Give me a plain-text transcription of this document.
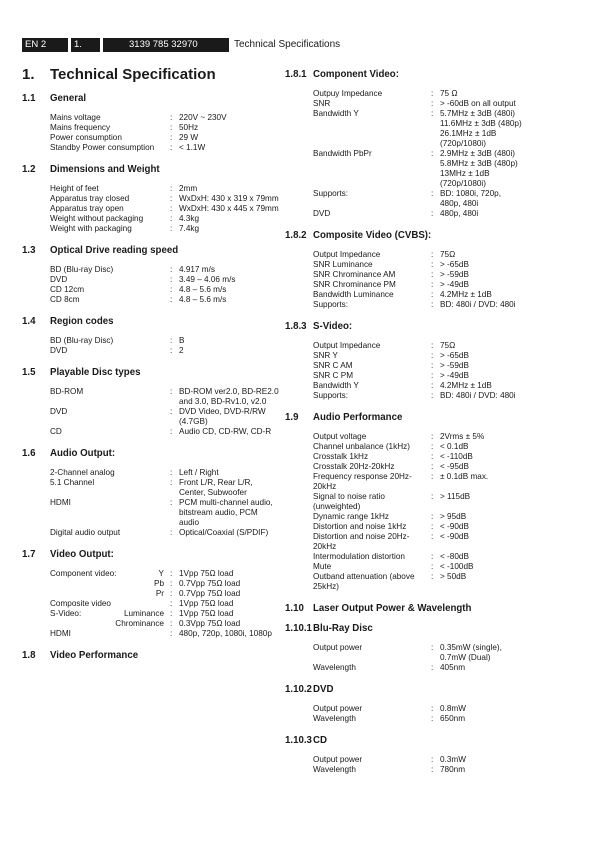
EN 2	1.	3139 785 32970	Technical Specifications
1. Technical Specification
1.1 General
Mains voltage	: 220V ~ 230V
Mains frequency	: 50Hz
Power consumption	: 29 W
Standby Power consumption	: < 1.1W
1.2 Dimensions and Weight
Height of feet	: 2mm
Apparatus tray closed	: WxDxH: 430 x 319 x 79mm
Apparatus tray open	: WxDxH: 430 x 445 x 79mm
Weight without packaging	: 4.3kg
Weight with packaging	: 7.4kg
1.3 Optical Drive reading speed
BD (Blu-ray Disc)	: 4.917 m/s
DVD	: 3.49 – 4.06 m/s
CD 12cm	: 4.8 – 5.6 m/s
CD 8cm	: 4.8 – 5.6 m/s
1.4 Region codes
BD (Blu-ray Disc)	: B
DVD	: 2
1.5 Playable Disc types
BD-ROM	: BD-ROM ver2.0, BD-RE2.0 and 3.0, BD-Rv1.0, v2.0
DVD	: DVD Video, DVD-R/RW (4.7GB)
CD	: Audio CD, CD-RW, CD-R
1.6 Audio Output:
2-Channel analog	: Left / Right
5.1 Channel	: Front L/R, Rear L/R, Center, Subwoofer
HDMI	: PCM multi-channel audio, bitstream audio, PCM audio
Digital audio output	: Optical/Coaxial (S/PDIF)
1.7 Video Output:
Component video:	Y : 1Vpp 75Ω load
Pb : 0.7Vpp 75Ω load
Pr : 0.7Vpp 75Ω load
Composite video	: 1Vpp 75Ω load
S-Video:	Luminance : 1Vpp 75Ω load
Chrominance : 0.3Vpp 75Ω load
HDMI	: 480p, 720p, 1080i, 1080p
1.8 Video Performance
1.8.1 Component Video:
Outpuy Impedance	: 75 Ω
SNR	: > -60dB on all output
Bandwidth Y	: 5.7MHz ± 3dB (480i) 11.6MHz ± 3dB (480p) 26.1MHz ± 1dB (720p/1080i)
Bandwidth PbPr	: 2.9MHz ± 3dB (480i) 5.8MHz ± 3dB (480p) 13MHz ± 1dB (720p/1080i)
Supports:	: BD: 1080i, 720p, 480p, 480i
DVD	: 480p, 480i
1.8.2 Composite Video (CVBS):
Output Impedance	: 75Ω
SNR Luminance	: > -65dB
SNR Chrominance AM	: > -59dB
SNR Chrominance PM	: > -49dB
Bandwidth Luminance	: 4.2MHz ± 1dB
Supports:	: BD: 480i / DVD: 480i
1.8.3 S-Video:
Output Impedance	: 75Ω
SNR Y	: > -65dB
SNR C AM	: > -59dB
SNR C PM	: > -49dB
Bandwidth Y	: 4.2MHz ± 1dB
Supports:	: BD: 480i / DVD: 480i
1.9 Audio Performance
Output voltage	: 2Vrms ± 5%
Channel unbalance (1kHz)	: < 0.1dB
Crosstalk 1kHz	: < -110dB
Crosstalk 20Hz-20kHz	: < -95dB
Frequency response 20Hz-20kHz
: ± 0.1dB max.
Signal to noise ratio (unweighted)
: > 115dB
Dynamic range 1kHz	: > 95dB
Distortion and noise 1kHz	: < -90dB
Distortion and noise 20Hz-20kHz
: < -90dB
Intermodulation distortion	: < -80dB
Mute	: < -100dB
Outband attenuation (above 25kHz)
: > 50dB
1.10 Laser Output Power & Wavelength
1.10.1Blu-Ray Disc
Output power	: 0.35mW (single), 0.7mW (Dual)
Wavelength	: 405nm
1.10.2DVD
Output power	: 0.8mW
Wavelength	: 650nm
1.10.3CD
Output power	: 0.3mW
Wavelength	: 780nm
